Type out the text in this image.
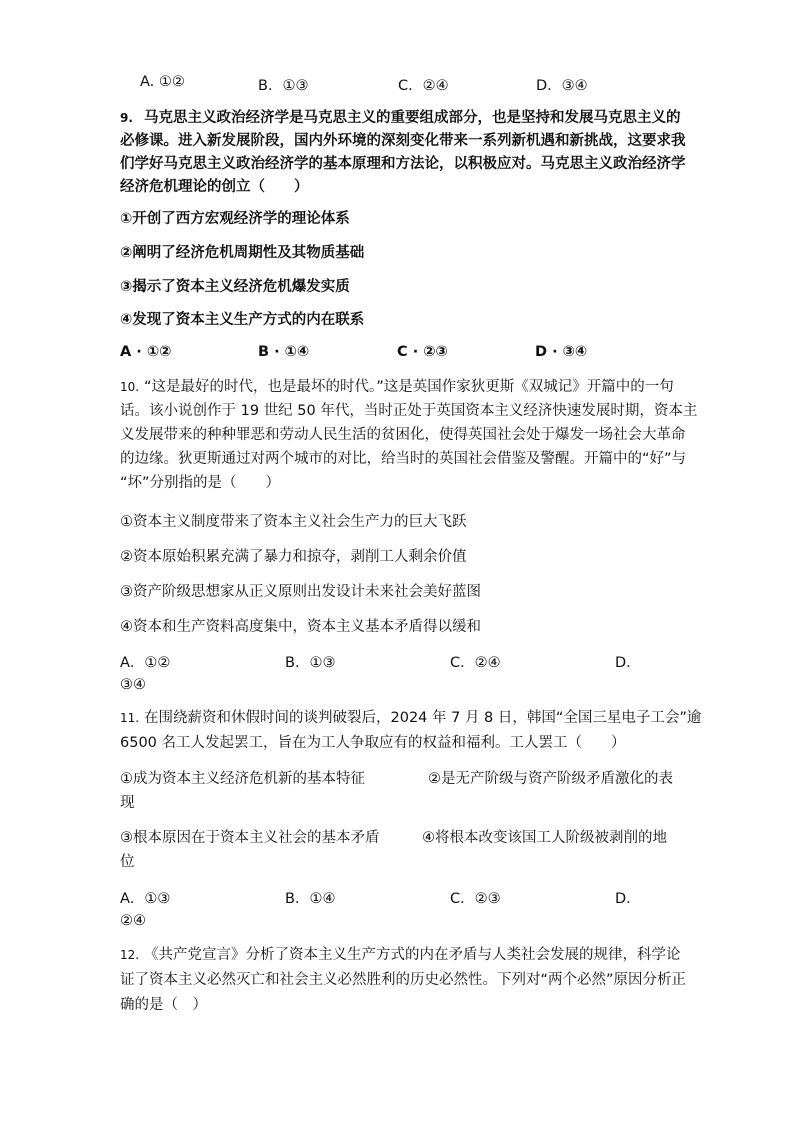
A. ①②	B．①③	C．②④	D．③④
9. 马克思主义政治经济学是马克思主义的重要组成部分，也是坚持和发展马克思主义的
必修课。进入新发展阶段，国内外环境的深刻变化带来一系列新机遇和新挑战，这要求我
们学好马克思主义政治经济学的基本原理和方法论，以积极应对。马克思主义政治经济学
经济危机理论的创立（　　）
①开创了西方宏观经济学的理论体系
②阐明了经济危机周期性及其物质基础
③揭示了资本主义经济危机爆发实质
④发现了资本主义生产方式的内在联系
A · ①②	B · ①④	C · ②③	D · ③④
10. “这是最好的时代，也是最坏的时代。”这是英国作家狄更斯《双城记》开篇中的一句
话。该小说创作于 19 世纪 50 年代，当时正处于英国资本主义经济快速发展时期，资本主
义发展带来的种种罪恶和劳动人民生活的贫困化，使得英国社会处于爆发一场社会大革命
的边缘。狄更斯通过对两个城市的对比，给当时的英国社会借鉴及警醒。开篇中的“好”与
“坏”分别指的是（　　）
①资本主义制度带来了资本主义社会生产力的巨大飞跃
②资本原始积累充满了暴力和掠夺，剥削工人剩余价值
③资产阶级思想家从正义原则出发设计未来社会美好蓝图
④资本和生产资料高度集中，资本主义基本矛盾得以缓和
A．①②	B．①③	C．②④	D．
③④
11. 在围绕薪资和休假时间的谈判破裂后，2024 年 7 月 8 日，韩国“全国三星电子工会”逾
6500 名工人发起罢工，旨在为工人争取应有的权益和福利。工人罢工（　　）
①成为资本主义经济危机新的基本特征	②是无产阶级与资产阶级矛盾激化的表
现
③根本原因在于资本主义社会的基本矛盾	④将根本改变该国工人阶级被剥削的地
位
A．①③	B．①④	C．②③	D．
②④
12. 《共产党宣言》分析了资本主义生产方式的内在矛盾与人类社会发展的规律，科学论
证了资本主义必然灭亡和社会主义必然胜利的历史必然性。下列对“两个必然”原因分析正
确的是（　）
